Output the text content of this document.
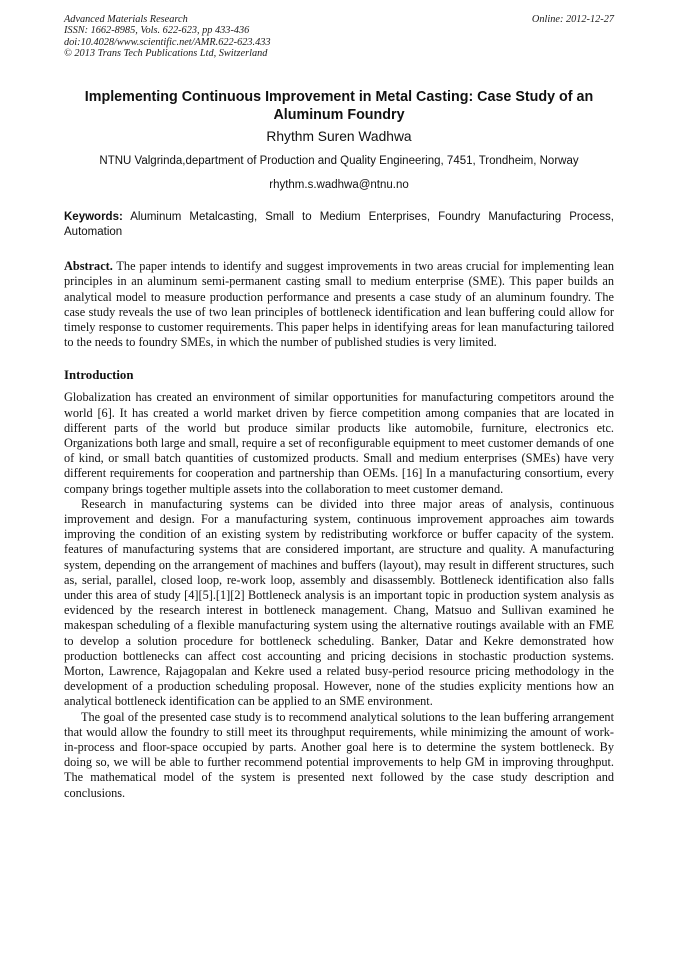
Advanced Materials Research
ISSN: 1662-8985, Vols. 622-623, pp 433-436
doi:10.4028/www.scientific.net/AMR.622-623.433
© 2013 Trans Tech Publications Ltd, Switzerland
Online: 2012-12-27
Implementing Continuous Improvement in Metal Casting: Case Study of an Aluminum Foundry
Rhythm Suren Wadhwa
NTNU Valgrinda,department of Production and Quality Engineering, 7451, Trondheim, Norway
rhythm.s.wadhwa@ntnu.no
Keywords: Aluminum Metalcasting, Small to Medium Enterprises, Foundry Manufacturing Process, Automation
Abstract. The paper intends to identify and suggest improvements in two areas crucial for implementing lean principles in an aluminum semi-permanent casting small to medium enterprise (SME). This paper builds an analytical model to measure production performance and presents a case study of an aluminum foundry. The case study reveals the use of two lean principles of bottleneck identification and lean buffering could allow for timely response to customer requirements. This paper helps in identifying areas for lean manufacturing tailored to the needs to foundry SMEs, in which the number of published studies is very limited.
Introduction

Globalization has created an environment of similar opportunities for manufacturing competitors around the world [6]. It has created a world market driven by fierce competition among companies that are located in different parts of the world but produce similar products like automobile, furniture, electronics etc. Organizations both large and small, require a set of reconfigurable equipment to meet customer demands of one of kind, or small batch quantities of customized products. Small and medium enterprises (SMEs) have very different requirements for cooperation and partnership than OEMs. [16] In a manufacturing consortium, every company brings together multiple assets into the collaboration to meet customer demand.

Research in manufacturing systems can be divided into three major areas of analysis, continuous improvement and design. For a manufacturing system, continuous improvement approaches aim towards improving the condition of an existing system by redistributing workforce or buffer capacity of the system. features of manufacturing systems that are considered important, are structure and quality. A manufacturing system, depending on the arrangement of machines and buffers (layout), may result in different structures, such as, serial, parallel, closed loop, re-work loop, assembly and disassembly. Bottleneck identification also falls under this area of study [4][5].[1][2] Bottleneck analysis is an important topic in production system analysis as evidenced by the research interest in bottleneck management. Chang, Matsuo and Sullivan examined he makespan scheduling of a flexible manufacturing system using the alternative routings available with an FME to develop a solution procedure for bottleneck scheduling. Banker, Datar and Kekre demonstrated how production bottlenecks can affect cost accounting and pricing decisions in stochastic production systems. Morton, Lawrence, Rajagopalan and Kekre used a related busy-period resource pricing methodology in the development of a production scheduling proposal. However, none of the studies explicity mentions how an analytical bottleneck identification can be applied to an SME environment.

The goal of the presented case study is to recommend analytical solutions to the lean buffering arrangement that would allow the foundry to still meet its throughput requirements, while minimizing the amount of work-in-process and floor-space occupied by parts. Another goal here is to determine the system bottleneck. By doing so, we will be able to further recommend potential improvements to help GM in improving throughput. The mathematical model of the system is presented next followed by the case study description and conclusions.
